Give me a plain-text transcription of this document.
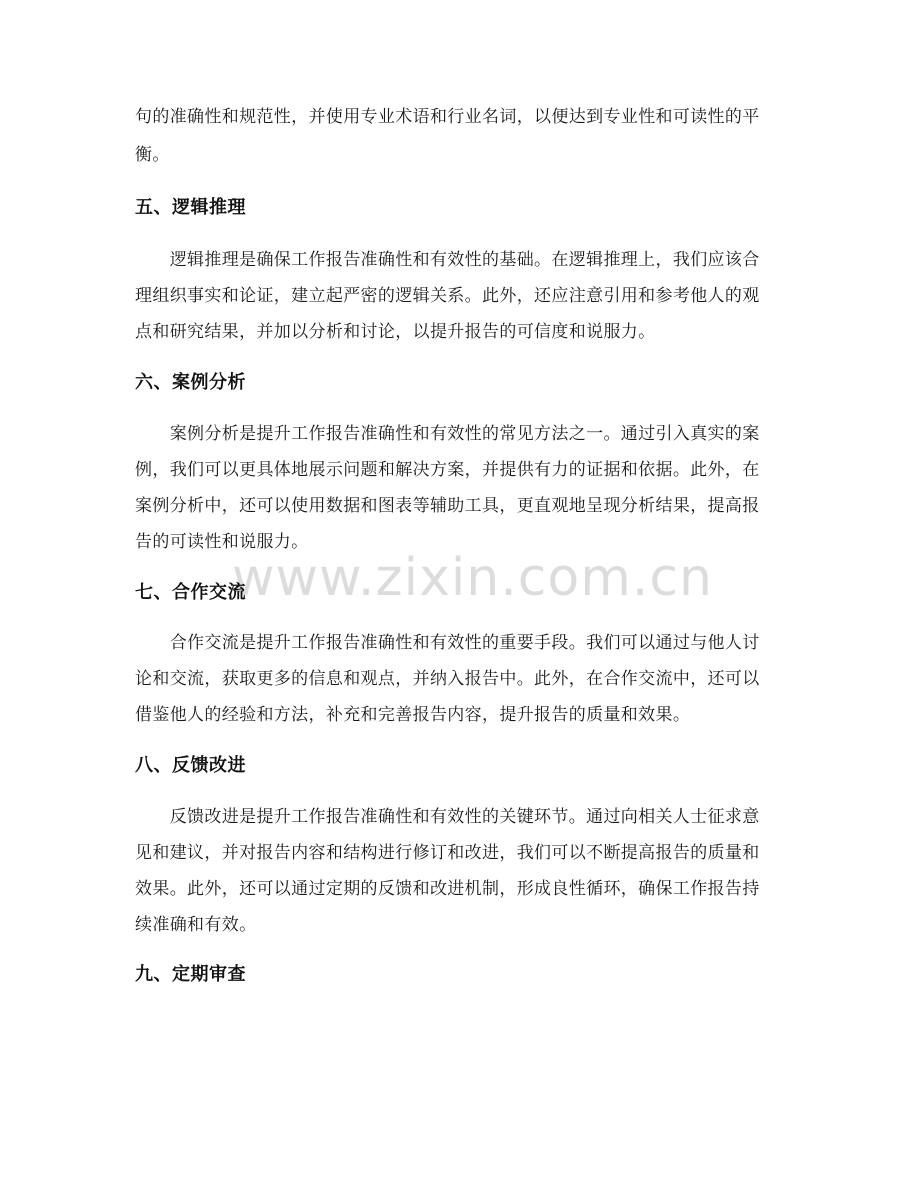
句的准确性和规范性，并使用专业术语和行业名词，以便达到专业性和可读性的平
衡。
五、逻辑推理
　　逻辑推理是确保工作报告准确性和有效性的基础。在逻辑推理上，我们应该合
理组织事实和论证，建立起严密的逻辑关系。此外，还应注意引用和参考他人的观
点和研究结果，并加以分析和讨论，以提升报告的可信度和说服力。
六、案例分析
　　案例分析是提升工作报告准确性和有效性的常见方法之一。通过引入真实的案
例，我们可以更具体地展示问题和解决方案，并提供有力的证据和依据。此外，在
案例分析中，还可以使用数据和图表等辅助工具，更直观地呈现分析结果，提高报
告的可读性和说服力。
www.zixin.com.cn
七、合作交流
　　合作交流是提升工作报告准确性和有效性的重要手段。我们可以通过与他人讨
论和交流，获取更多的信息和观点，并纳入报告中。此外，在合作交流中，还可以
借鉴他人的经验和方法，补充和完善报告内容，提升报告的质量和效果。
八、反馈改进
　　反馈改进是提升工作报告准确性和有效性的关键环节。通过向相关人士征求意
见和建议，并对报告内容和结构进行修订和改进，我们可以不断提高报告的质量和
效果。此外，还可以通过定期的反馈和改进机制，形成良性循环，确保工作报告持
续准确和有效。
九、定期审查
